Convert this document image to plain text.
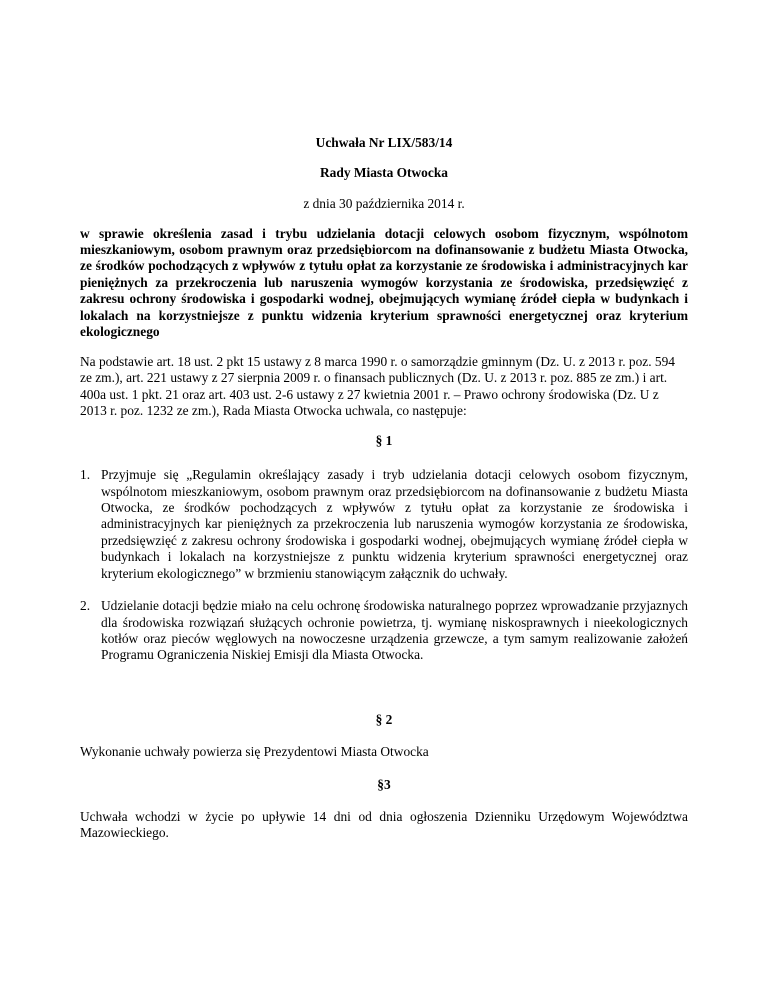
Uchwała Nr LIX/583/14

Rady Miasta Otwocka

z dnia 30 października 2014 r.

w sprawie określenia zasad i trybu udzielania dotacji celowych osobom fizycznym, wspólnotom mieszkaniowym, osobom prawnym oraz przedsiębiorcom na dofinansowanie z budżetu Miasta Otwocka, ze środków pochodzących z wpływów z tytułu opłat za korzystanie ze środowiska i administracyjnych kar pieniężnych za przekroczenia lub naruszenia wymogów korzystania ze środowiska, przedsięwzięć z zakresu ochrony środowiska i gospodarki wodnej, obejmujących wymianę źródeł ciepła w budynkach i lokalach na korzystniejsze z punktu widzenia kryterium sprawności energetycznej oraz kryterium ekologicznego

Na podstawie art. 18 ust. 2 pkt 15 ustawy z 8 marca 1990 r. o samorządzie gminnym (Dz. U. z 2013 r. poz. 594 ze zm.), art. 221 ustawy z 27 sierpnia 2009 r. o finansach publicznych (Dz. U. z 2013 r. poz. 885 ze zm.) i art. 400a ust. 1 pkt. 21 oraz art. 403 ust. 2-6 ustawy z 27 kwietnia 2001 r. – Prawo ochrony środowiska (Dz. U z 2013 r. poz. 1232 ze zm.), Rada Miasta Otwocka uchwala, co następuje:

§ 1

1. Przyjmuje się „Regulamin określający zasady i tryb udzielania dotacji celowych osobom fizycznym, wspólnotom mieszkaniowym, osobom prawnym oraz przedsiębiorcom na dofinansowanie z budżetu Miasta Otwocka, ze środków pochodzących z wpływów z tytułu opłat za korzystanie ze środowiska i administracyjnych kar pieniężnych za przekroczenia lub naruszenia wymogów korzystania ze środowiska, przedsięwzięć z zakresu ochrony środowiska i gospodarki wodnej, obejmujących wymianę źródeł ciepła w budynkach i lokalach na korzystniejsze z punktu widzenia kryterium sprawności energetycznej oraz kryterium ekologicznego” w brzmieniu stanowiącym załącznik do uchwały.
2. Udzielanie dotacji będzie miało na celu ochronę środowiska naturalnego poprzez wprowadzanie przyjaznych dla środowiska rozwiązań służących ochronie powietrza, tj. wymianę niskosprawnych i nieekologicznych kotłów oraz pieców węglowych na nowoczesne urządzenia grzewcze, a tym samym realizowanie założeń Programu Ograniczenia Niskiej Emisji dla Miasta Otwocka.

§ 2

Wykonanie uchwały powierza się Prezydentowi Miasta Otwocka

§3

Uchwała wchodzi w życie po upływie 14 dni od dnia ogłoszenia Dzienniku Urzędowym Województwa Mazowieckiego.
